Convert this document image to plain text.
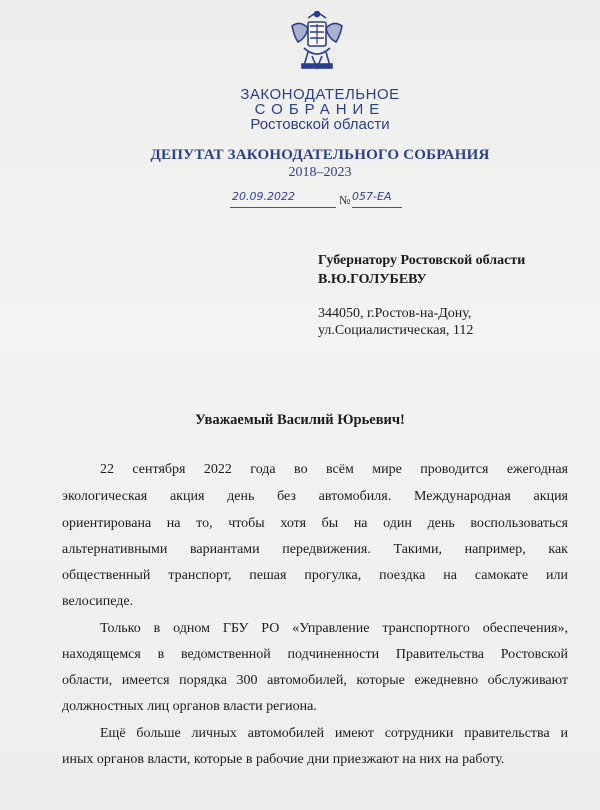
ЗАКОНОДАТЕЛЬНОЕ
СОБРАНИЕ
Ростовской области
ДЕПУТАТ ЗАКОНОДАТЕЛЬНОГО СОБРАНИЯ
2018–2023
20.09.2022	№ 057-ЕА
Губернатору Ростовской области
В.Ю.ГОЛУБЕВУ
344050, г.Ростов-на-Дону,
ул.Социалистическая, 112
Уважаемый Василий Юрьевич!
22 сентября 2022 года во всём мире проводится ежегодная
экологическая акция день без автомобиля. Международная акция
ориентирована на то, чтобы хотя бы на один день воспользоваться
альтернативными вариантами передвижения. Такими, например, как
общественный транспорт, пешая прогулка, поездка на самокате или
велосипеде.
Только в одном ГБУ РО «Управление транспортного обеспечения»,
находящемся в ведомственной подчиненности Правительства Ростовской
области, имеется порядка 300 автомобилей, которые ежедневно обслуживают
должностных лиц органов власти региона.
Ещё больше личных автомобилей имеют сотрудники правительства и
иных органов власти, которые в рабочие дни приезжают на них на работу.
